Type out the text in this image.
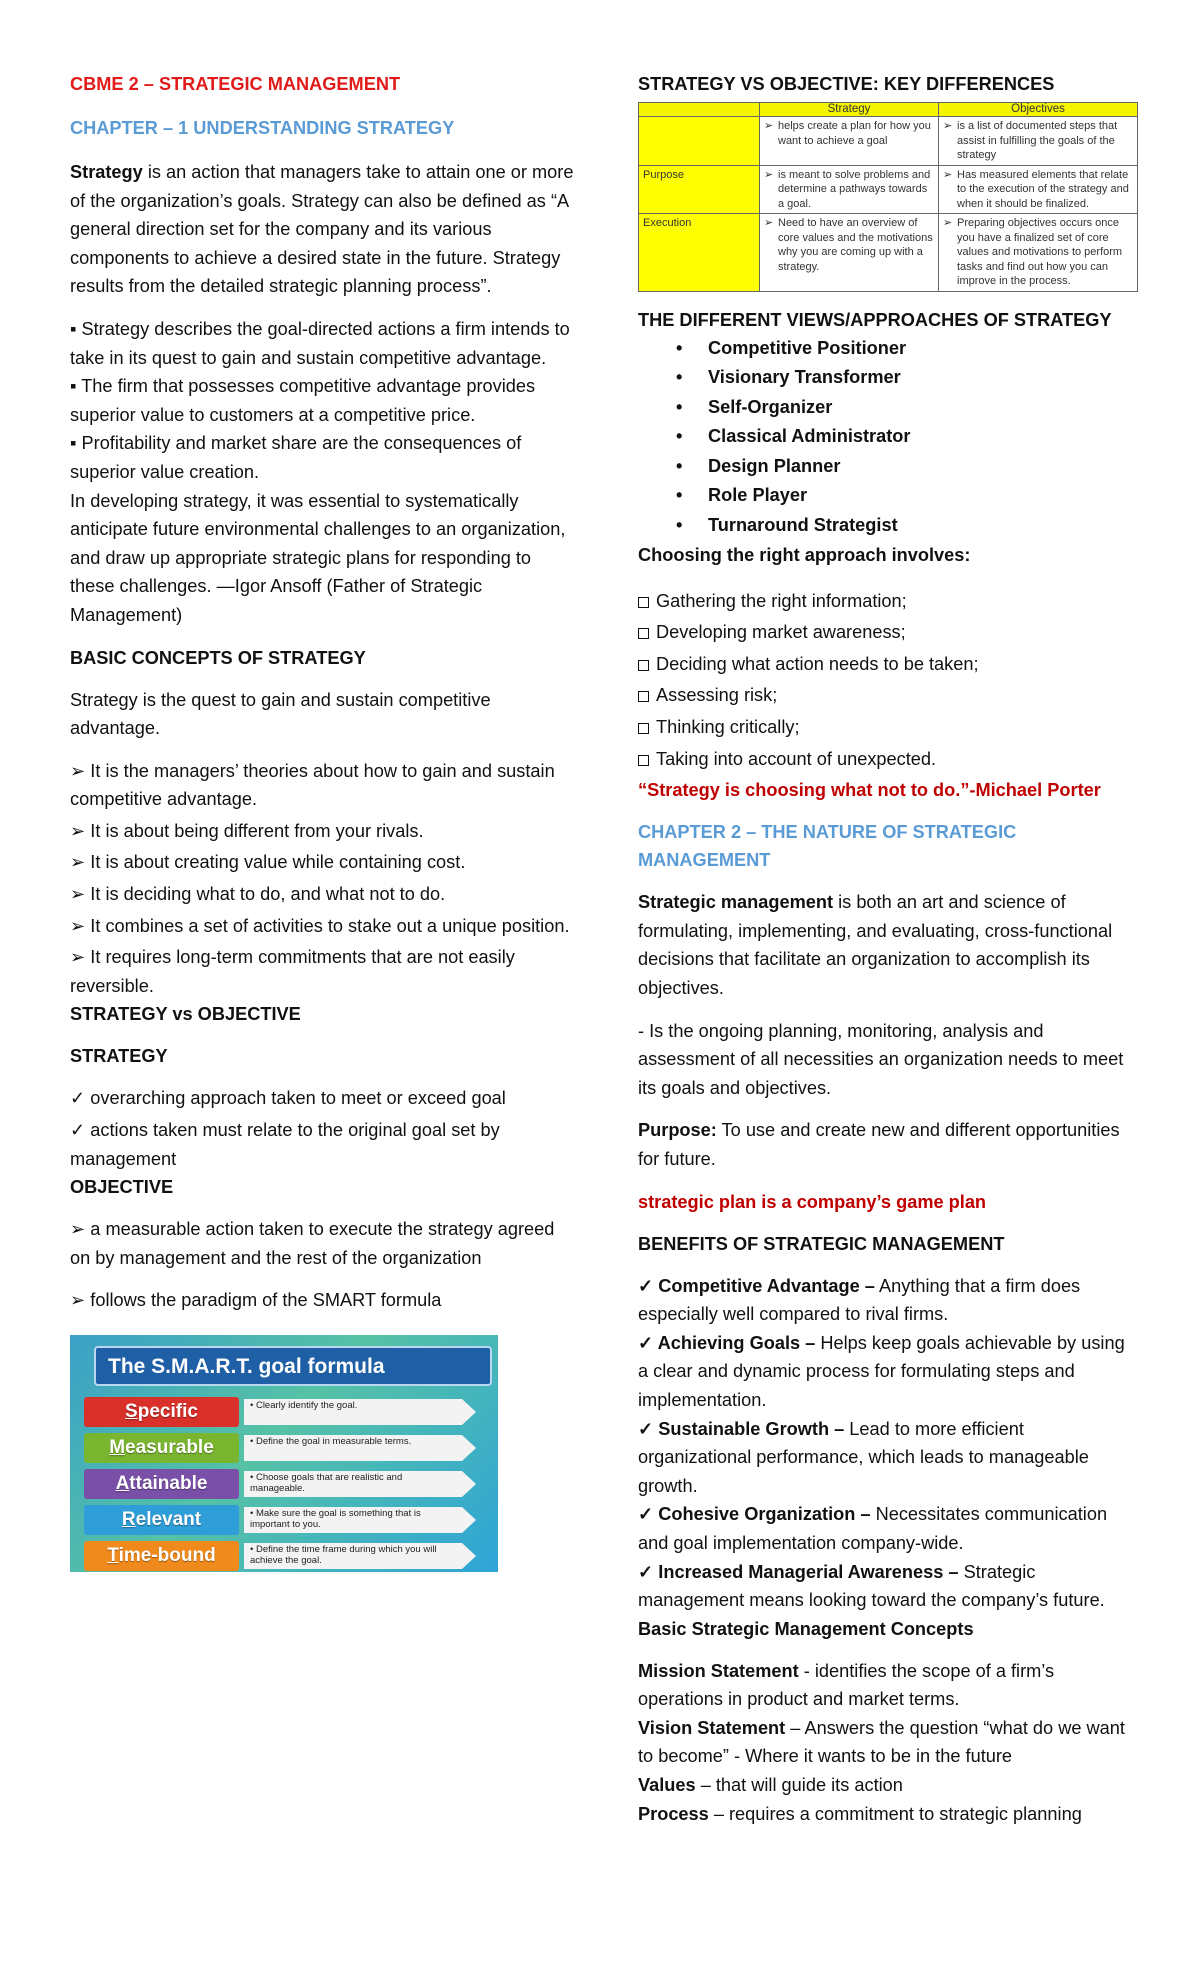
CBME 2 – STRATEGIC MANAGEMENT
CHAPTER – 1 UNDERSTANDING STRATEGY

Strategy is an action that managers take to attain one or more of the organization’s goals. Strategy can also be defined as “A general direction set for the company and its various components to achieve a desired state in the future. Strategy results from the detailed strategic planning process”.

▪ Strategy describes the goal-directed actions a firm intends to take in its quest to gain and sustain competitive advantage.

▪ The firm that possesses competitive advantage provides superior value to customers at a competitive price.

▪ Profitability and market share are the consequences of superior value creation.

In developing strategy, it was essential to systematically anticipate future environmental challenges to an organization, and draw up appropriate strategic plans for responding to these challenges. —Igor Ansoff (Father of Strategic Management)

BASIC CONCEPTS OF STRATEGY

Strategy is the quest to gain and sustain competitive advantage.

➢ It is the managers’ theories about how to gain and sustain competitive advantage.

➢ It is about being different from your rivals.

➢ It is about creating value while containing cost.

➢ It is deciding what to do, and what not to do.

➢ It combines a set of activities to stake out a unique position.

➢ It requires long-term commitments that are not easily reversible.

STRATEGY vs OBJECTIVE
STRATEGY

✓ overarching approach taken to meet or exceed goal

✓ actions taken must relate to the original goal set by management

OBJECTIVE

➢ a measurable action taken to execute the strategy agreed on by management and the rest of the organization

➢ follows the paradigm of the SMART formula

The S.M.A.R.T. goal formula
Specific	• Clearly identify the goal.
Measurable	• Define the goal in measurable terms.
Attainable	• Choose goals that are realistic and manageable.
Relevant	• Make sure the goal is something that is important to you.
Time-bound	• Define the time frame during which you will achieve the goal.
STRATEGY VS OBJECTIVE: KEY DIFFERENCES
	Strategy	Objectives

	➢ helps create a plan for how you want to achieve a goal	➢ is a list of documented steps that assist in fulfilling the goals of the strategy

Purpose	➢ is meant to solve problems and determine a pathways towards a goal.	➢ Has measured elements that relate to the execution of the strategy and when it should be finalized.

Execution	➢ Need to have an overview of core values and the motivations why you are coming up with a strategy.	➢ Preparing objectives occurs once you have a finalized set of core values and motivations to perform tasks and find out how you can improve in the process.
THE DIFFERENT VIEWS/APPROACHES OF STRATEGY
• Competitive Positioner
• Visionary Transformer
• Self-Organizer
• Classical Administrator
• Design Planner
• Role Player
• Turnaround Strategist
Choosing the right approach involves:

Gathering the right information;

Developing market awareness;

Deciding what action needs to be taken;

Assessing risk;

Thinking critically;

Taking into account of unexpected.

“Strategy is choosing what not to do.”-Michael Porter
CHAPTER 2 – THE NATURE OF STRATEGIC MANAGEMENT

Strategic management is both an art and science of formulating, implementing, and evaluating, cross-functional decisions that facilitate an organization to accomplish its objectives.

- Is the ongoing planning, monitoring, analysis and assessment of all necessities an organization needs to meet its goals and objectives.

Purpose: To use and create new and different opportunities for future.

strategic plan is a company’s game plan
BENEFITS OF STRATEGIC MANAGEMENT

✓ Competitive Advantage – Anything that a firm does especially well compared to rival firms.

✓ Achieving Goals – Helps keep goals achievable by using a clear and dynamic process for formulating steps and implementation.

✓ Sustainable Growth – Lead to more efficient organizational performance, which leads to manageable growth.

✓ Cohesive Organization – Necessitates communication and goal implementation company-wide.

✓ Increased Managerial Awareness – Strategic management means looking toward the company’s future.

Basic Strategic Management Concepts

Mission Statement - identifies the scope of a firm’s operations in product and market terms.

Vision Statement – Answers the question “what do we want to become” - Where it wants to be in the future

Values – that will guide its action

Process – requires a commitment to strategic planning
